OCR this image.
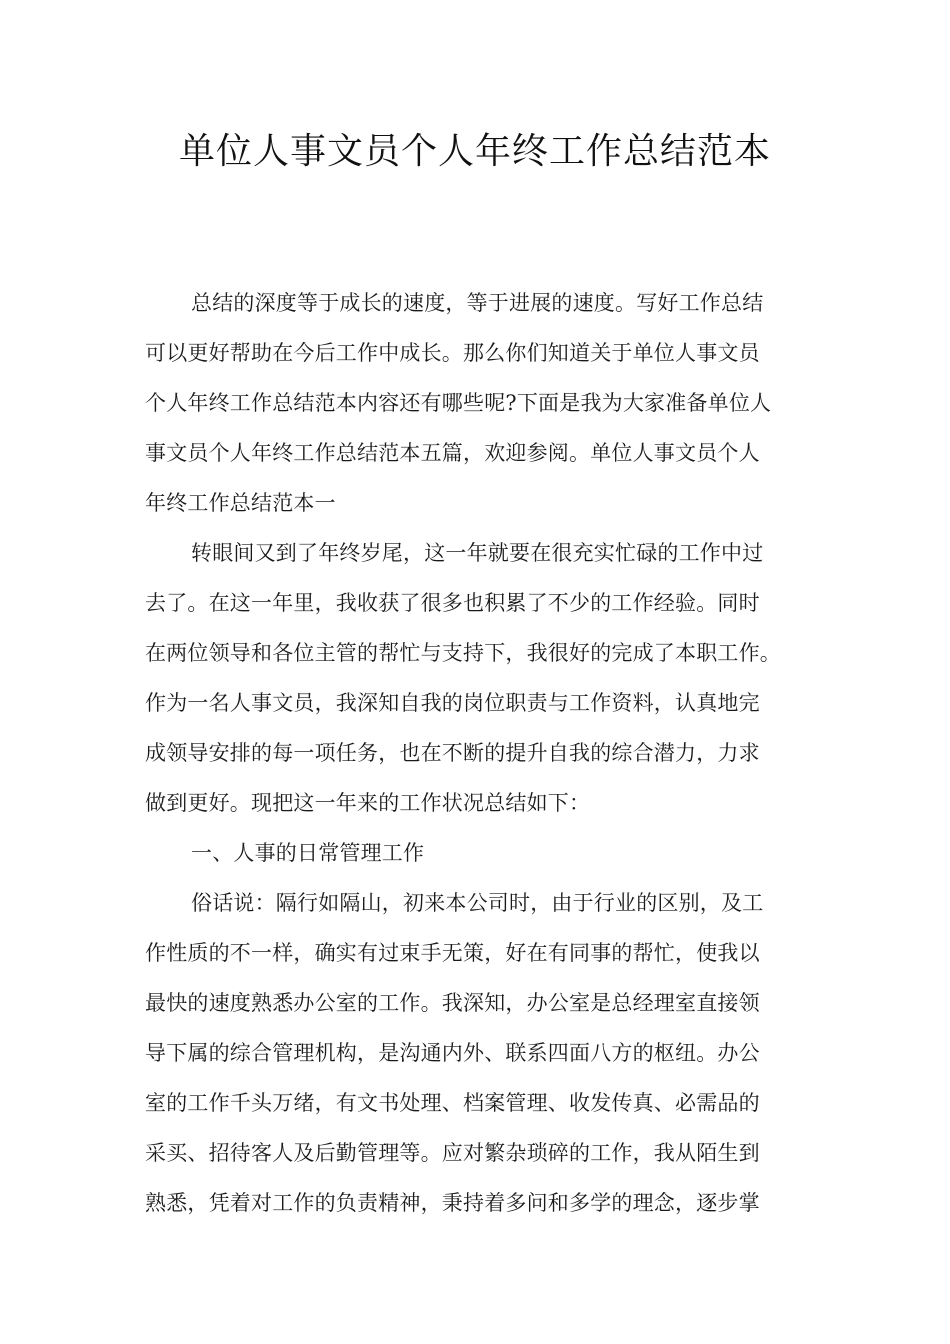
单位人事文员个人年终工作总结范本
总结的深度等于成长的速度，等于进展的速度。写好工作总结
可以更好帮助在今后工作中成长。那么你们知道关于单位人事文员
个人年终工作总结范本内容还有哪些呢?下面是我为大家准备单位人
事文员个人年终工作总结范本五篇，欢迎参阅。单位人事文员个人
年终工作总结范本一
转眼间又到了年终岁尾，这一年就要在很充实忙碌的工作中过
去了。在这一年里，我收获了很多也积累了不少的工作经验。同时
在两位领导和各位主管的帮忙与支持下，我很好的完成了本职工作。
作为一名人事文员，我深知自我的岗位职责与工作资料，认真地完
成领导安排的每一项任务，也在不断的提升自我的综合潜力，力求
做到更好。现把这一年来的工作状况总结如下：
一、人事的日常管理工作
俗话说：隔行如隔山，初来本公司时，由于行业的区别，及工
作性质的不一样，确实有过束手无策，好在有同事的帮忙，使我以
最快的速度熟悉办公室的工作。我深知，办公室是总经理室直接领
导下属的综合管理机构，是沟通内外、联系四面八方的枢纽。办公
室的工作千头万绪，有文书处理、档案管理、收发传真、必需品的
采买、招待客人及后勤管理等。应对繁杂琐碎的工作，我从陌生到
熟悉，凭着对工作的负责精神，秉持着多问和多学的理念，逐步掌
